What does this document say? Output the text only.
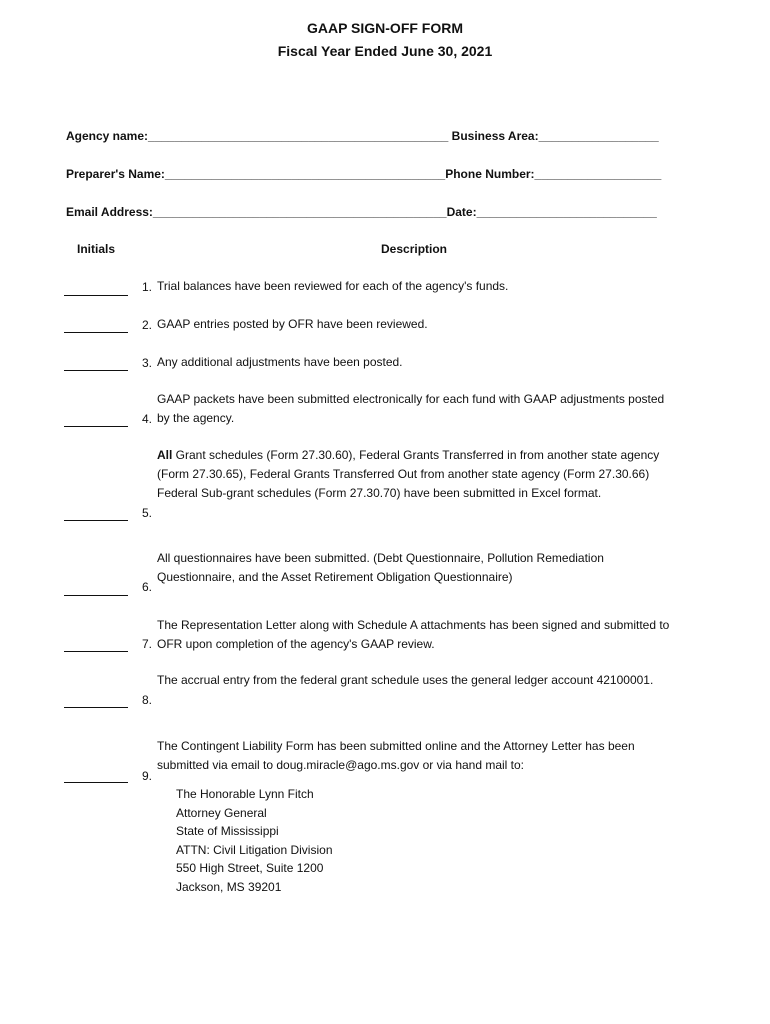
GAAP SIGN-OFF FORM
Fiscal Year Ended June 30, 2021
Agency name:_____________________________________________ Business Area:__________________
Preparer's Name:__________________________________________Phone Number:___________________
Email Address:____________________________________________Date:___________________________
Initials	Description
1. Trial balances have been reviewed for each of the agency's funds.
2. GAAP entries posted by OFR have been reviewed.
3. Any additional adjustments have been posted.
4.
GAAP packets have been submitted electronically for each fund with GAAP adjustments posted by the agency.
5.
All Grant schedules (Form 27.30.60), Federal Grants Transferred in from another state agency (Form 27.30.65), Federal Grants Transferred Out from another state agency (Form 27.30.66) Federal Sub-grant schedules (Form 27.30.70) have been submitted in Excel format.
6.
All questionnaires have been submitted. (Debt Questionnaire, Pollution Remediation Questionnaire, and the Asset Retirement Obligation Questionnaire)
7.
The Representation Letter along with Schedule A attachments has been signed and submitted to OFR upon completion of the agency's GAAP review.
8.
The accrual entry from the federal grant schedule uses the general ledger account 42100001.
9.
The Contingent Liability Form has been submitted online and the Attorney Letter has been submitted via email to doug.miracle@ago.ms.gov or via hand mail to:
The Honorable Lynn Fitch
Attorney General
State of Mississippi
ATTN: Civil Litigation Division
550 High Street, Suite 1200
Jackson, MS 39201
